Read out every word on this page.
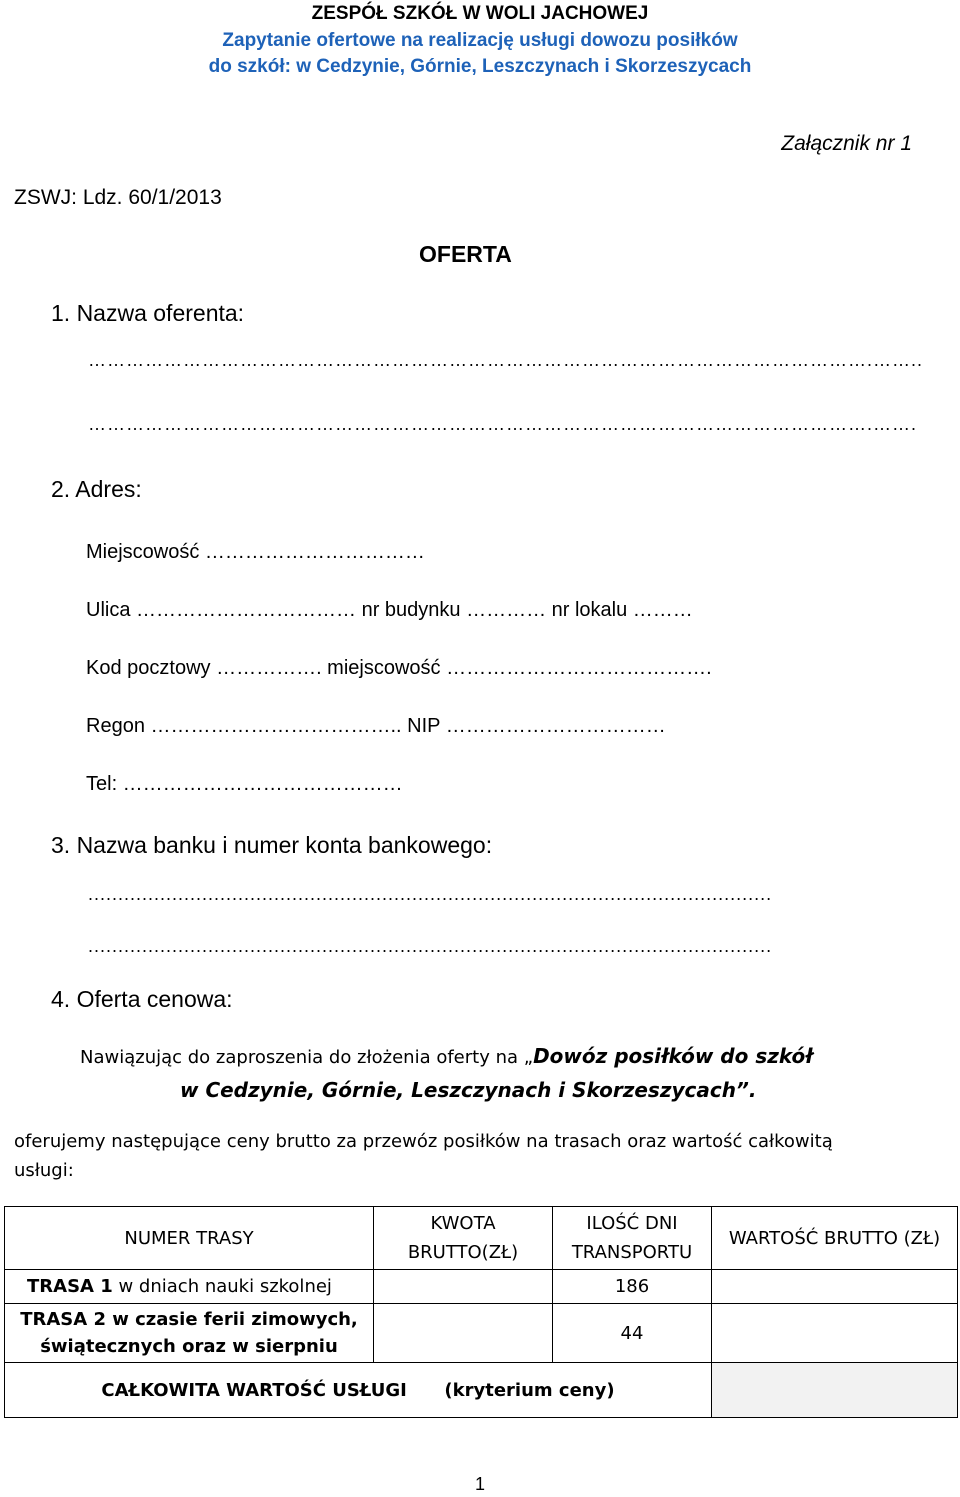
ZESPÓŁ SZKÓŁ W WOLI JACHOWEJ
Zapytanie ofertowe na realizację usługi dowozu posiłków
do szkół: w Cedzynie, Górnie, Leszczynach i Skorzeszycach
Załącznik nr 1
ZSWJ: Ldz. 60/1/2013
OFERTA
1. Nazwa oferenta:
…………………………………………………………………………………………………………….……..
…………………………………………………………………………………………………………….…….
2. Adres:
Miejscowość ……………………………
Ulica …………………………… nr budynku ………… nr lokalu ………
Kod pocztowy ……………. miejscowość ………………………………….
Regon ……………………………….. NIP ……………………………
Tel: ……………………………………
3. Nazwa banku i numer konta bankowego:
..................................................................................................................
..................................................................................................................
4. Oferta cenowa:
Nawiązując do zaproszenia do złożenia oferty na „Dowóz posiłków do szkół
w Cedzynie, Górnie, Leszczynach i Skorzeszycach”.
oferujemy następujące ceny brutto za przewóz posiłków na trasach oraz wartość całkowitą
usługi:
NUMER TRASY	KWOTA BRUTTO(ZŁ)	ILOŚĆ DNI TRANSPORTU	WARTOŚĆ BRUTTO (ZŁ)
TRASA 1 w dniach nauki szkolnej		186	
TRASA 2 w czasie ferii zimowych, świątecznych oraz w sierpniu		44	
CAŁKOWITA WARTOŚĆ USŁUGI (kryterium ceny)			
1
